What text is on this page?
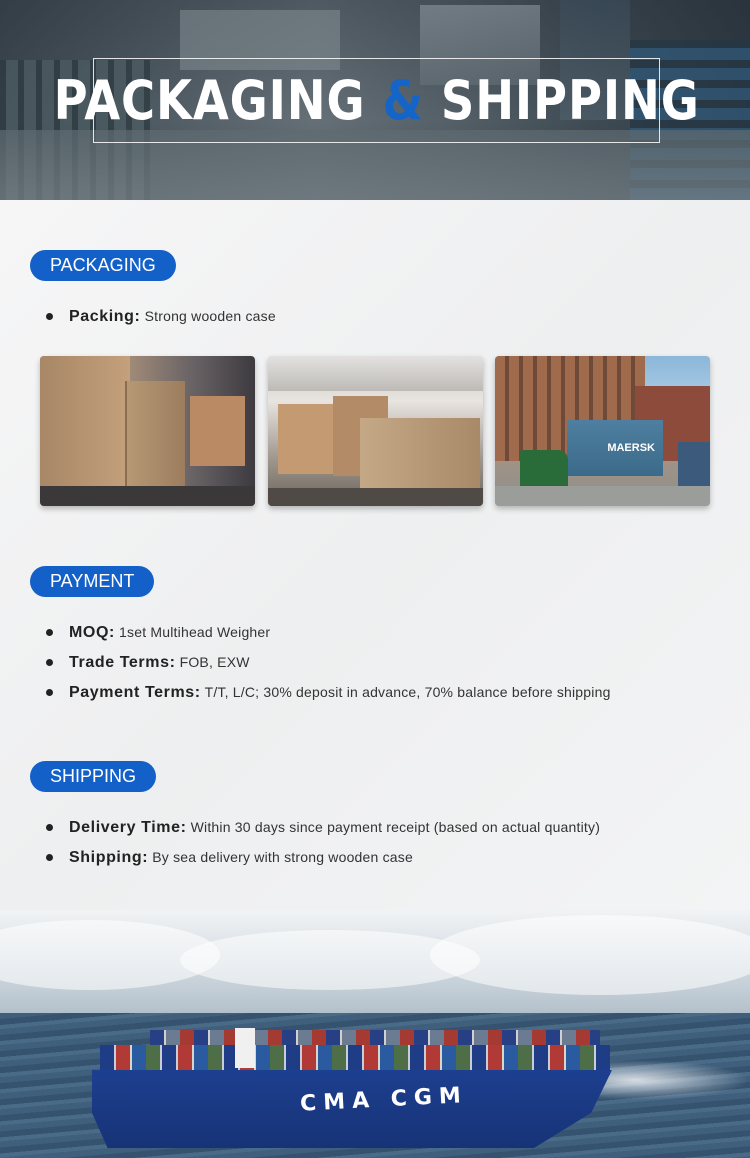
PACKAGING & SHIPPING
PACKAGING
Packing: Strong wooden case
MAERSK
PAYMENT
MOQ: 1set Multihead Weigher
Trade Terms: FOB, EXW
Payment Terms: T/T, L/C; 30% deposit in advance, 70% balance before shipping
SHIPPING
Delivery Time: Within 30 days since payment receipt (based on actual quantity)
Shipping: By sea delivery with strong wooden case
CMA CGM
